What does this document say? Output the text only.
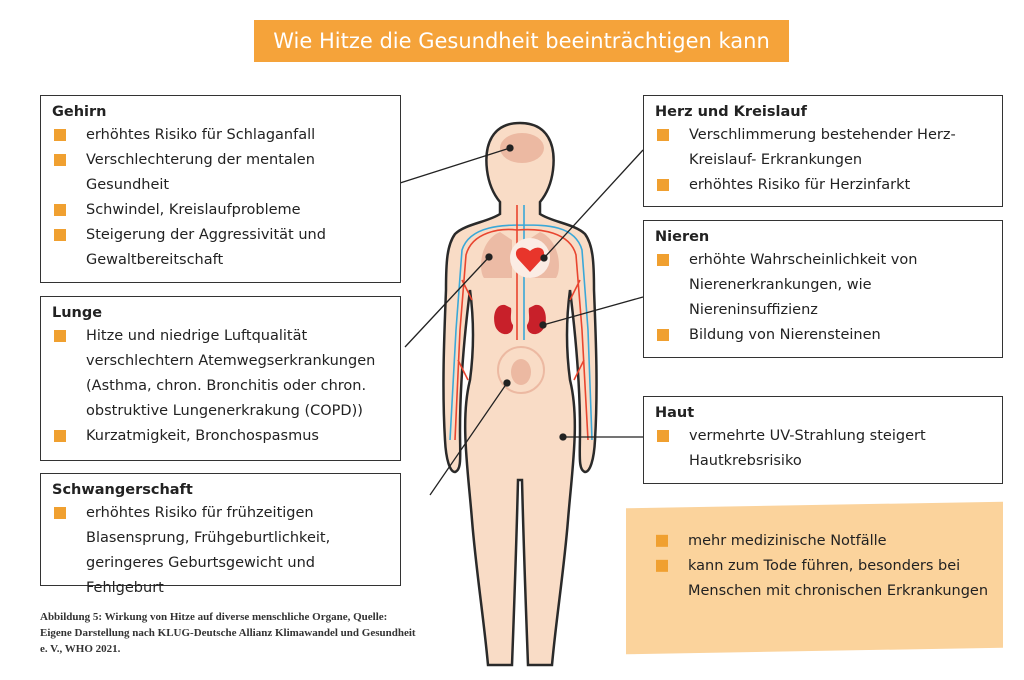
Wie Hitze die Gesundheit beeinträchtigen kann
Gehirn
erhöhtes Risiko für Schlaganfall
Verschlechterung der mentalen Gesundheit
Schwindel, Kreislaufprobleme
Steigerung der Aggressivität und Gewaltbereitschaft
Lunge
Hitze und niedrige Luftqualität verschlechtern Atemwegserkrankungen (Asthma, chron. Bronchitis oder chron. obstruktive Lungenerkrakung (COPD))
Kurzatmigkeit, Bronchospasmus
Schwangerschaft
erhöhtes Risiko für frühzeitigen Blasensprung, Frühgeburtlichkeit, geringeres Geburtsgewicht und Fehlgeburt
Herz und Kreislauf
Verschlimmerung bestehender Herz-Kreislauf- Erkrankungen
erhöhtes Risiko für Herzinfarkt
Nieren
erhöhte Wahrscheinlichkeit von Nierenerkrankungen, wie Niereninsuffizienz
Bildung von Nierensteinen
Haut
vermehrte UV-Strahlung steigert Hautkrebsrisiko
mehr medizinische Notfälle
kann zum Tode führen, besonders bei Menschen mit chronischen Erkrankungen
Abbildung 5: Wirkung von Hitze auf diverse menschliche Organe, Quelle: Eigene Darstellung nach KLUG-Deutsche Allianz Klimawandel und Gesundheit e. V., WHO 2021.
